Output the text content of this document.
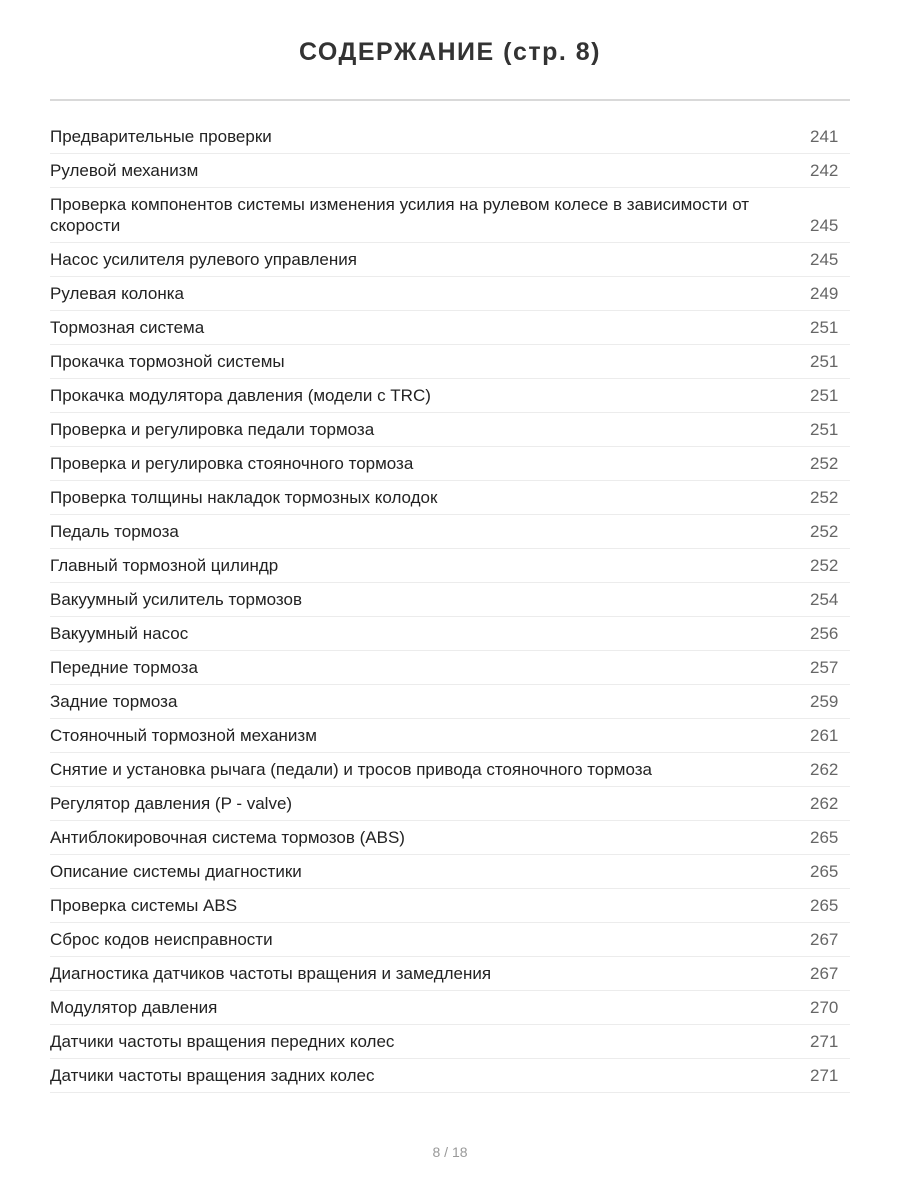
СОДЕРЖАНИЕ (стр. 8)
Предварительные проверки	241
Рулевой механизм	242
Проверка компонентов системы изменения усилия на рулевом колесе в зависимости от скорости	245
Насос усилителя рулевого управления	245
Рулевая колонка	249
Тормозная система	251
Прокачка тормозной системы	251
Прокачка модулятора давления (модели с TRC)	251
Проверка и регулировка педали тормоза	251
Проверка и регулировка стояночного тормоза	252
Проверка толщины накладок тормозных колодок	252
Педаль тормоза	252
Главный тормозной цилиндр	252
Вакуумный усилитель тормозов	254
Вакуумный насос	256
Передние тормоза	257
Задние тормоза	259
Стояночный тормозной механизм	261
Снятие и установка рычага (педали) и тросов привода стояночного тормоза	262
Регулятор давления (P - valve)	262
Антиблокировочная система тормозов (ABS)	265
Описание системы диагностики	265
Проверка системы ABS	265
Сброс кодов неисправности	267
Диагностика датчиков частоты вращения и замедления	267
Модулятор давления	270
Датчики частоты вращения передних колес	271
Датчики частоты вращения задних колес	271
8 / 18
